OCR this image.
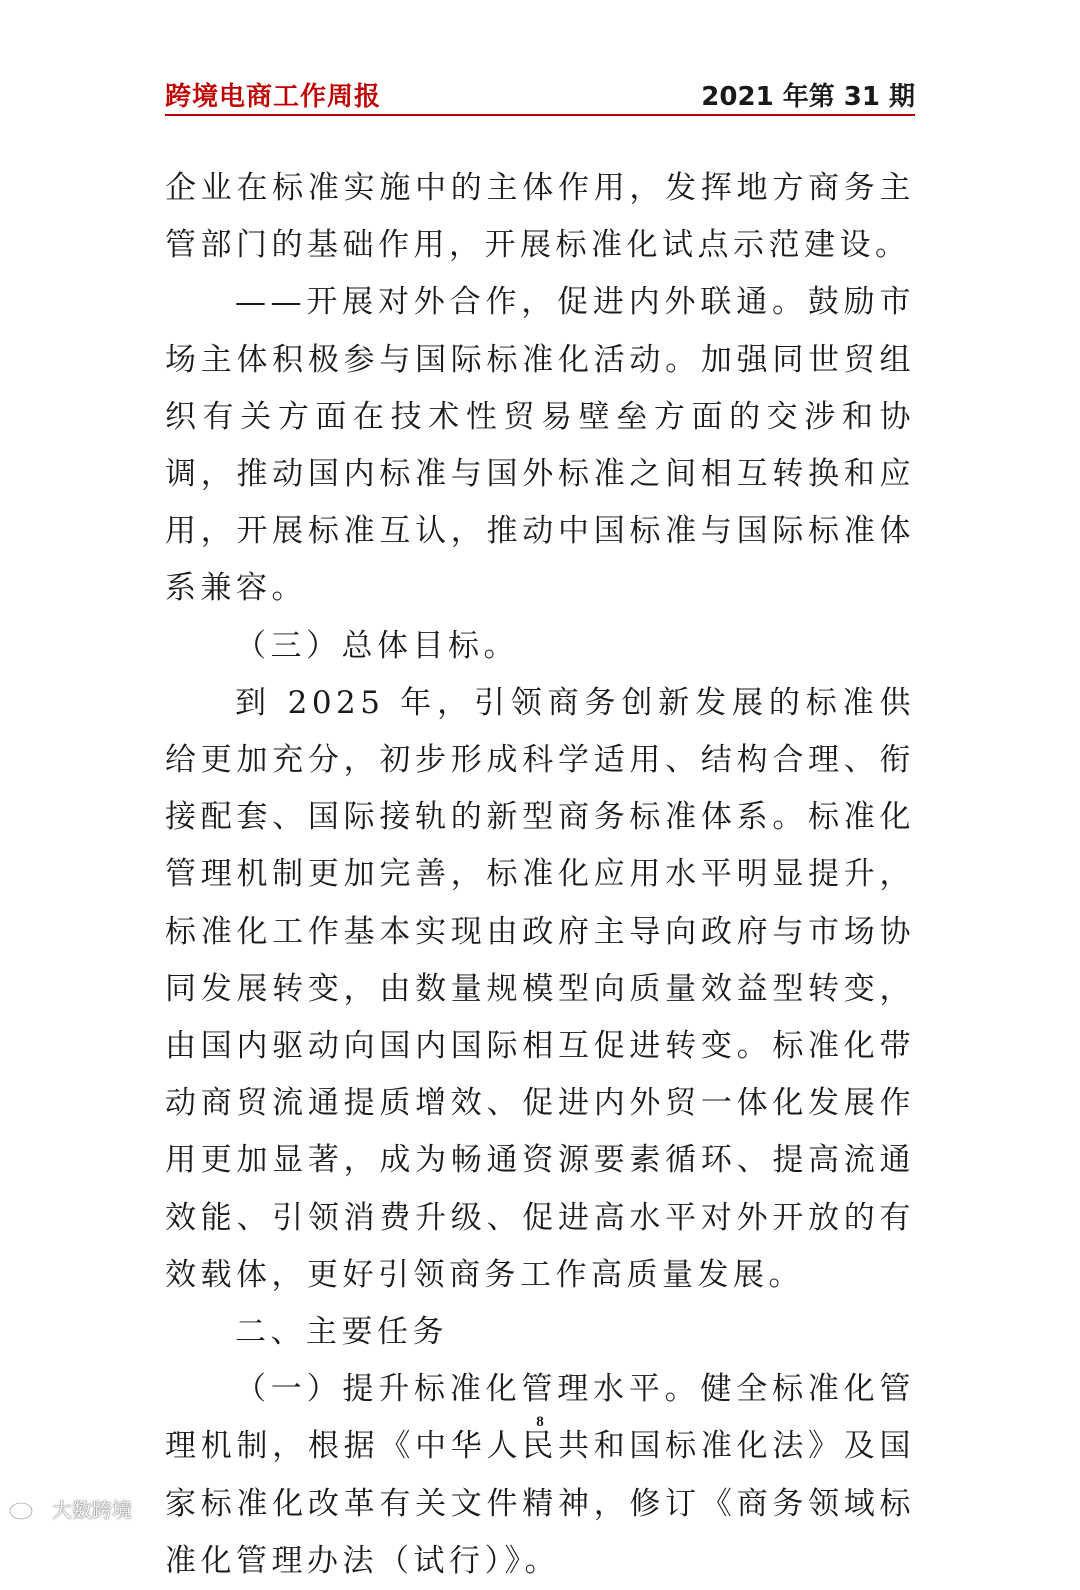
跨境电商工作周报	2021 年第 31 期

企业在标准实施中的主体作用，发挥地方商务主管部门的基础作用，开展标准化试点示范建设。

——开展对外合作，促进内外联通。鼓励市场主体积极参与国际标准化活动。加强同世贸组织有关方面在技术性贸易壁垒方面的交涉和协调，推动国内标准与国外标准之间相互转换和应用，开展标准互认，推动中国标准与国际标准体系兼容。

（三）总体目标。

到 2025 年，引领商务创新发展的标准供给更加充分，初步形成科学适用、结构合理、衔接配套、国际接轨的新型商务标准体系。标准化管理机制更加完善，标准化应用水平明显提升，标准化工作基本实现由政府主导向政府与市场协同发展转变，由数量规模型向质量效益型转变，由国内驱动向国内国际相互促进转变。标准化带动商贸流通提质增效、促进内外贸一体化发展作用更加显著，成为畅通资源要素循环、提高流通效能、引领消费升级、促进高水平对外开放的有效载体，更好引领商务工作高质量发展。

二、主要任务

（一）提升标准化管理水平。健全标准化管理机制，根据《中华人民共和国标准化法》及国家标准化改革有关文件精神，修订《商务领域标准化管理办法（试行）》。

8
大数跨境
